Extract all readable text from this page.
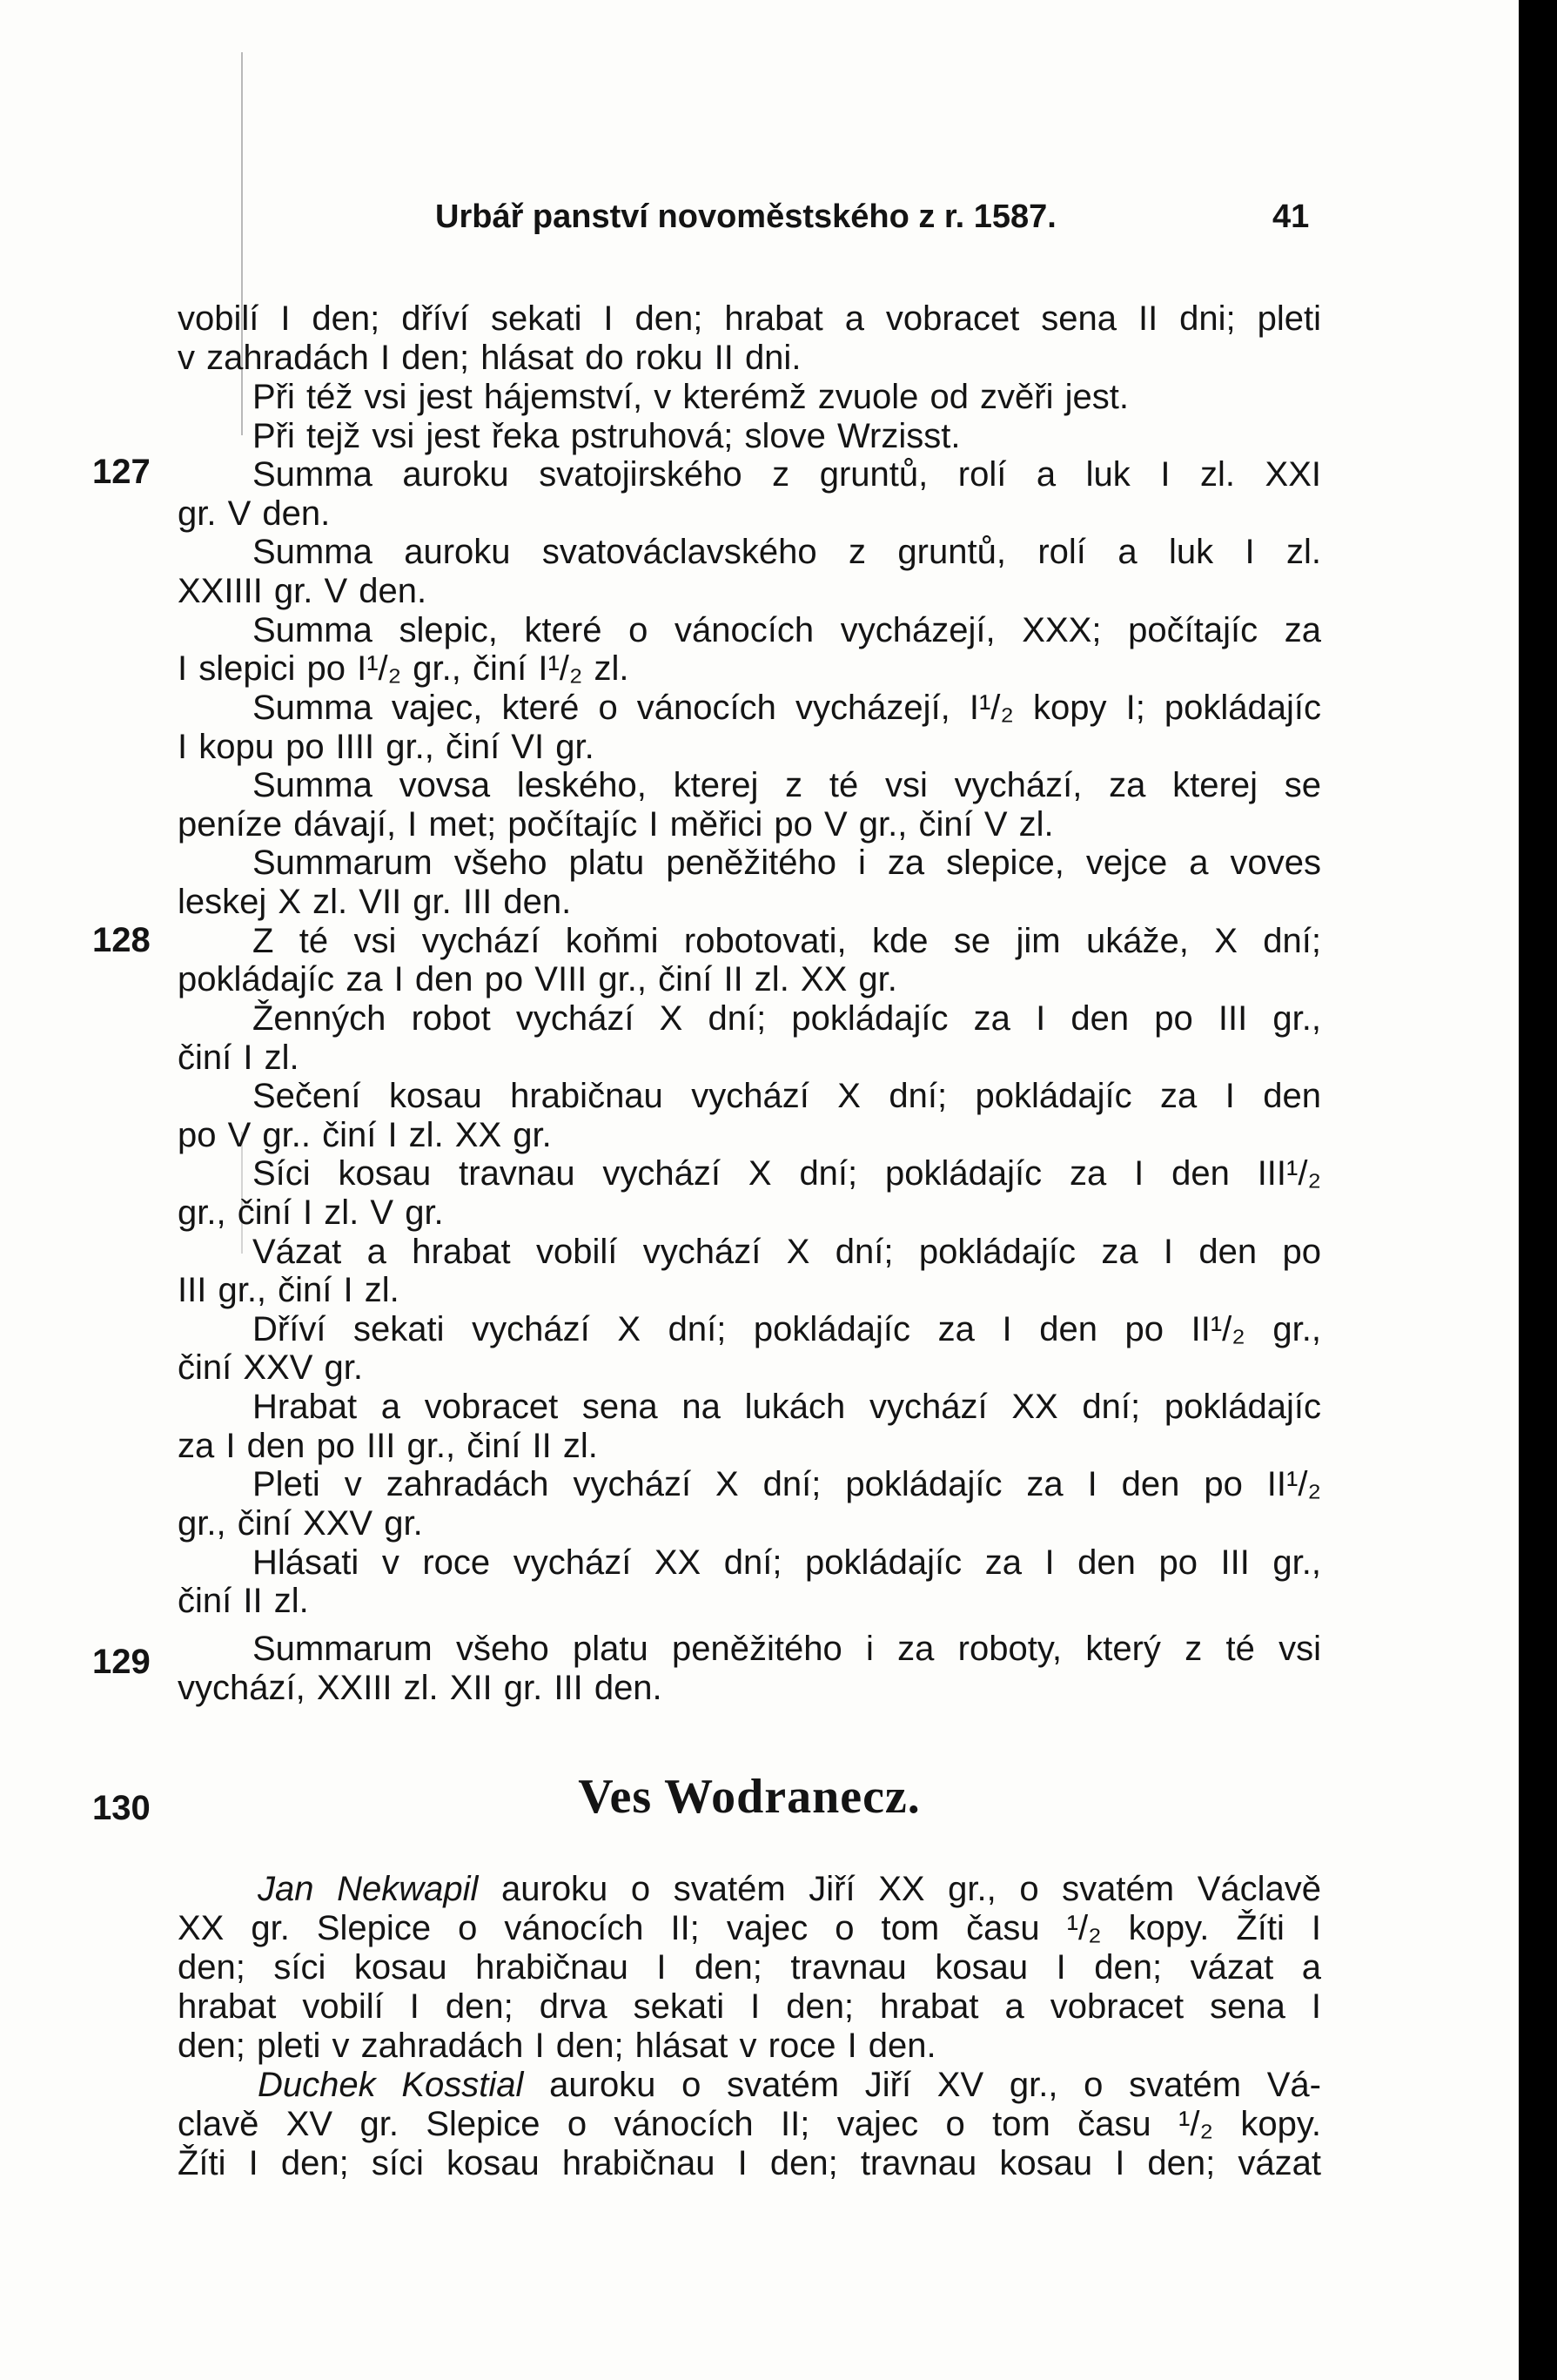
Urbář panství novoměstského z r. 1587.	41
127
128
129
130
vobilí I den; dříví sekati I den; hrabat a vobracet sena II dni; pleti
v zahradách I den; hlásat do roku II dni.
Při též vsi jest hájemství, v kterémž zvuole od zvěři jest.
Při tejž vsi jest řeka pstruhová; slove Wrzisst.
Summa auroku svatojirského z gruntů, rolí a luk I zl. XXI
gr. V den.
Summa auroku svatováclavského z gruntů, rolí a luk I zl.
XXIIII gr. V den.
Summa slepic, které o vánocích vycházejí, XXX; počítajíc za
I slepici po I¹/₂ gr., činí I¹/₂ zl.
Summa vajec, které o vánocích vycházejí, I¹/₂ kopy I; pokládajíc
I kopu po IIII gr., činí VI gr.
Summa vovsa leského, kterej z té vsi vychází, za kterej se
peníze dávají, I met; počítajíc I měřici po V gr., činí V zl.
Summarum všeho platu peněžitého i za slepice, vejce a voves
leskej X zl. VII gr. III den.
Z té vsi vychází koňmi robotovati, kde se jim ukáže, X dní;
pokládajíc za I den po VIII gr., činí II zl. XX gr.
Ženných robot vychází X dní; pokládajíc za I den po III gr.,
činí I zl.
Sečení kosau hrabičnau vychází X dní; pokládajíc za I den
po V gr.. činí I zl. XX gr.
Síci kosau travnau vychází X dní; pokládajíc za I den III¹/₂
gr., činí I zl. V gr.
Vázat a hrabat vobilí vychází X dní; pokládajíc za I den po
III gr., činí I zl.
Dříví sekati vychází X dní; pokládajíc za I den po II¹/₂ gr.,
činí XXV gr.
Hrabat a vobracet sena na lukách vychází XX dní; pokládajíc
za I den po III gr., činí II zl.
Pleti v zahradách vychází X dní; pokládajíc za I den po II¹/₂
gr., činí XXV gr.
Hlásati v roce vychází XX dní; pokládajíc za I den po III gr.,
činí II zl.
Summarum všeho platu peněžitého i za roboty, který z té vsi
vychází, XXIII zl. XII gr. III den.
Ves Wodranecz.
Jan Nekwapil auroku o svatém Jiří XX gr., o svatém Václavě
XX gr. Slepice o vánocích II; vajec o tom času ¹/₂ kopy. Žíti I
den; síci kosau hrabičnau I den; travnau kosau I den; vázat a
hrabat vobilí I den; drva sekati I den; hrabat a vobracet sena I
den; pleti v zahradách I den; hlásat v roce I den.
Duchek Kosstial auroku o svatém Jiří XV gr., o svatém Vá-
clavě XV gr. Slepice o vánocích II; vajec o tom času ¹/₂ kopy.
Žíti I den; síci kosau hrabičnau I den; travnau kosau I den; vázat
